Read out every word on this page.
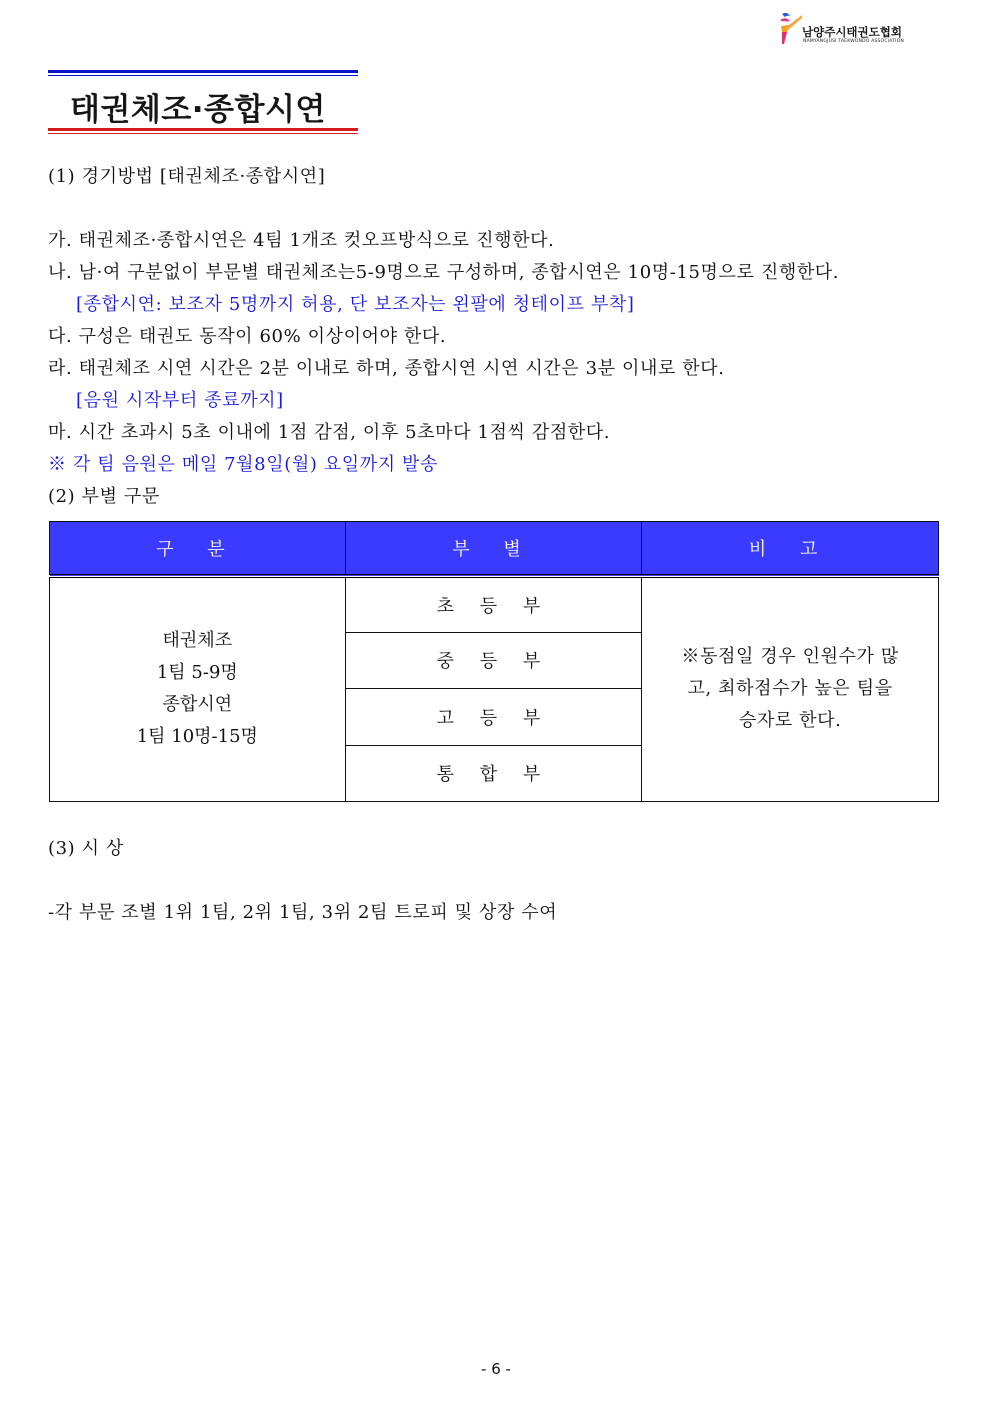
남양주시태권도협회
NAMYANGJUSI TAEKWONDO ASSOCIATION
태권체조·종합시연
(1) 경기방법 [태권체조·종합시연]
가. 태권체조·종합시연은 4팀 1개조 컷오프방식으로 진행한다.
나. 남·여 구분없이 부문별 태권체조는5-9명으로 구성하며, 종합시연은 10명-15명으로 진행한다.
[종합시연: 보조자 5명까지 허용, 단 보조자는 왼팔에 청테이프 부착]
다. 구성은 태권도 동작이 60% 이상이어야 한다.
라. 태권체조 시연 시간은 2분 이내로 하며, 종합시연 시연 시간은 3분 이내로 한다.
[음원 시작부터 종료까지]
마. 시간 초과시 5초 이내에 1점 감점, 이후 5초마다 1점씩 감점한다.
※ 각 팀 음원은 메일 7월8일(월) 요일까지 발송
(2) 부별 구문
구 분	부 별	비 고

태권체조
1팀 5-9명
종합시연
1팀 10명-15명	초 등 부	※동점일 경우 인원수가 많
고, 최하점수가 높은 팀을
승자로 한다.

	중 등 부	
	고 등 부	
	통 합 부	
(3) 시 상
-각 부문 조별 1위 1팀, 2위 1팀, 3위 2팀 트로피 및 상장 수여
- 6 -
